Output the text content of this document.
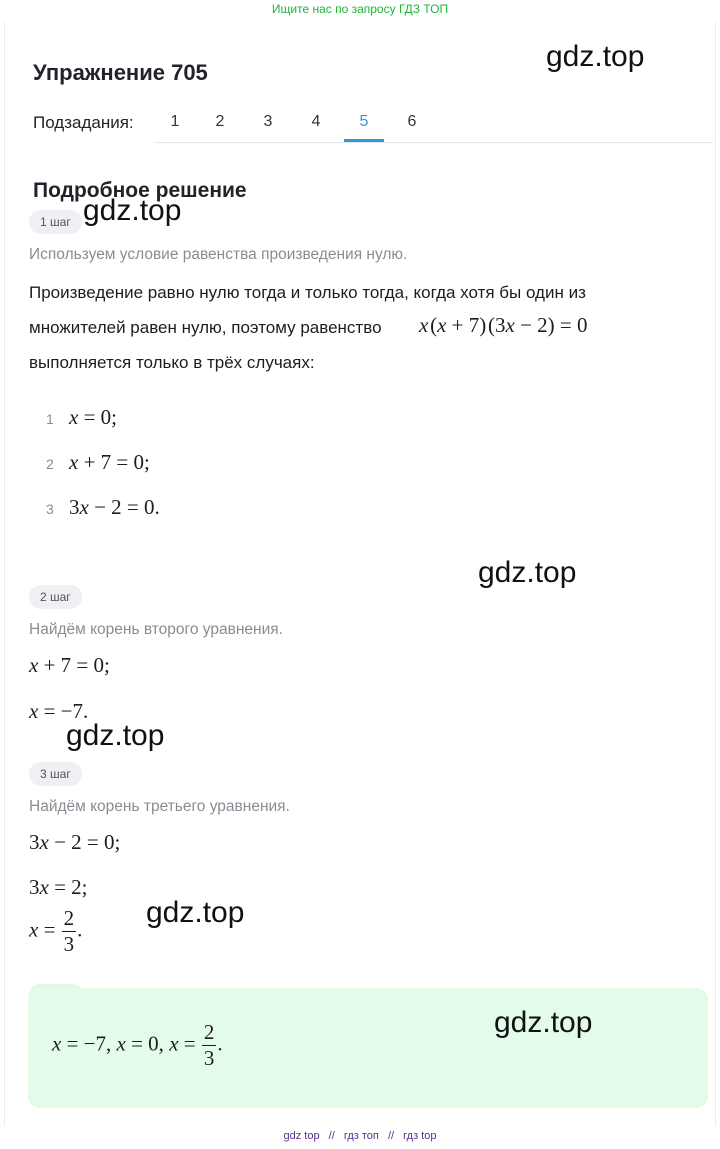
Ищите нас по запросу ГДЗ ТОП
Упражнение 705	gdz.top
Подзадания:	1	2	3	4	5	6
Подробное решение
1 шаг gdz.top
Используем условие равенства произведения нулю.
Произведение равно нулю тогда и только тогда, когда хотя бы один из
множителей равен нулю, поэтому равенство x (x + 7) (3x − 2) = 0
выполняется только в трёх случаях:
1 x = 0;
2 x + 7 = 0;
3 3x − 2 = 0.
gdz.top
2 шаг
Найдём корень второго уравнения.
x + 7 = 0;
x = −7.
gdz.top
3 шаг
Найдём корень третьего уравнения.
3x − 2 = 0;
3x = 2;
gdz.top
$x = \frac{2}{3}$ .
x = −7, x = 0, $x = \frac{2}{3}$ .
gdz.top
gdz top // гдз топ // гдз top
